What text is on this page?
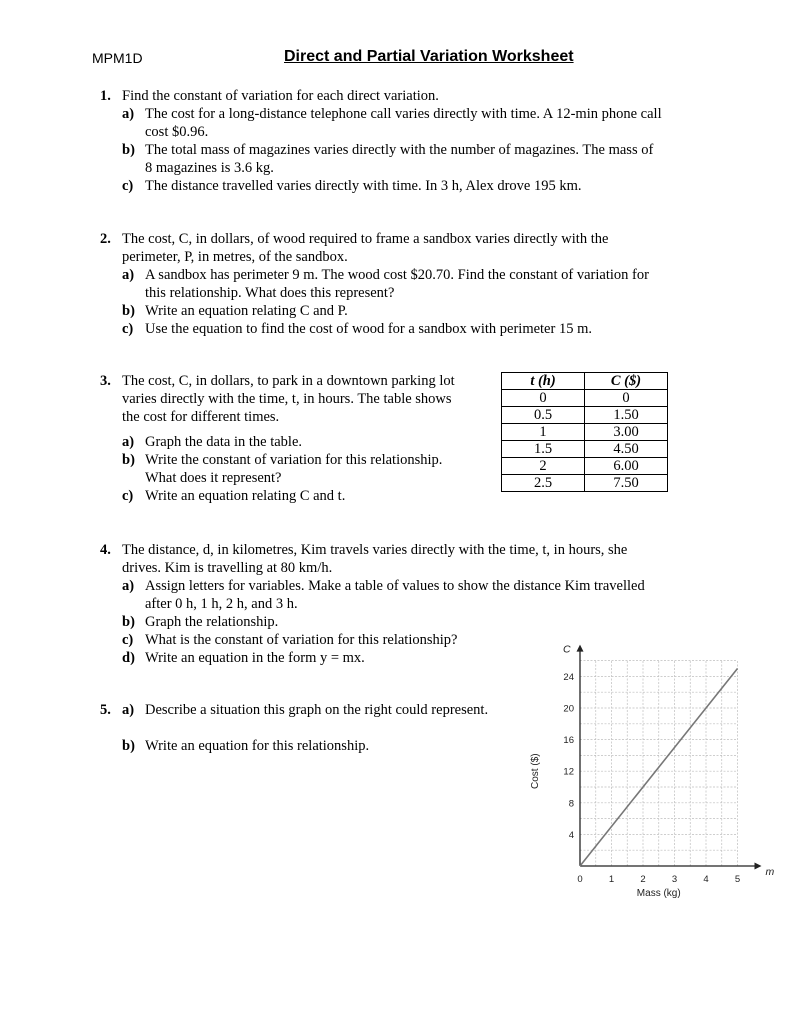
MPM1D	Direct and Partial Variation Worksheet
1. Find the constant of variation for each direct variation.
a) The cost for a long-distance telephone call varies directly with time. A 12-min phone call
cost $0.96.
b) The total mass of magazines varies directly with the number of magazines. The mass of
8 magazines is 3.6 kg.
c) The distance travelled varies directly with time. In 3 h, Alex drove 195 km.
2. The cost, C, in dollars, of wood required to frame a sandbox varies directly with the
perimeter, P, in metres, of the sandbox.
a) A sandbox has perimeter 9 m. The wood cost $20.70. Find the constant of variation for
this relationship. What does this represent?
b) Write an equation relating C and P.
c) Use the equation to find the cost of wood for a sandbox with perimeter 15 m.
3. The cost, C, in dollars, to park in a downtown parking lot
varies directly with the time, t, in hours. The table shows
the cost for different times.
a) Graph the data in the table.
b) Write the constant of variation for this relationship.
What does it represent?
c) Write an equation relating C and t.
t (h)	C ($)
0	0
0.5	1.50
1	3.00
1.5	4.50
2	6.00
2.5	7.50
4. The distance, d, in kilometres, Kim travels varies directly with the time, t, in hours, she
drives. Kim is travelling at 80 km/h.
a) Assign letters for variables. Make a table of values to show the distance Kim travelled
after 0 h, 1 h, 2 h, and 3 h.
b) Graph the relationship.
c) What is the constant of variation for this relationship?
d) Write an equation in the form y = mx.
5. a) Describe a situation this graph on the right could represent.
b) Write an equation for this relationship.
0	1	2	3	4	5
4
8
12
16
20
24
m
C
Mass (kg)
Cost ($)
